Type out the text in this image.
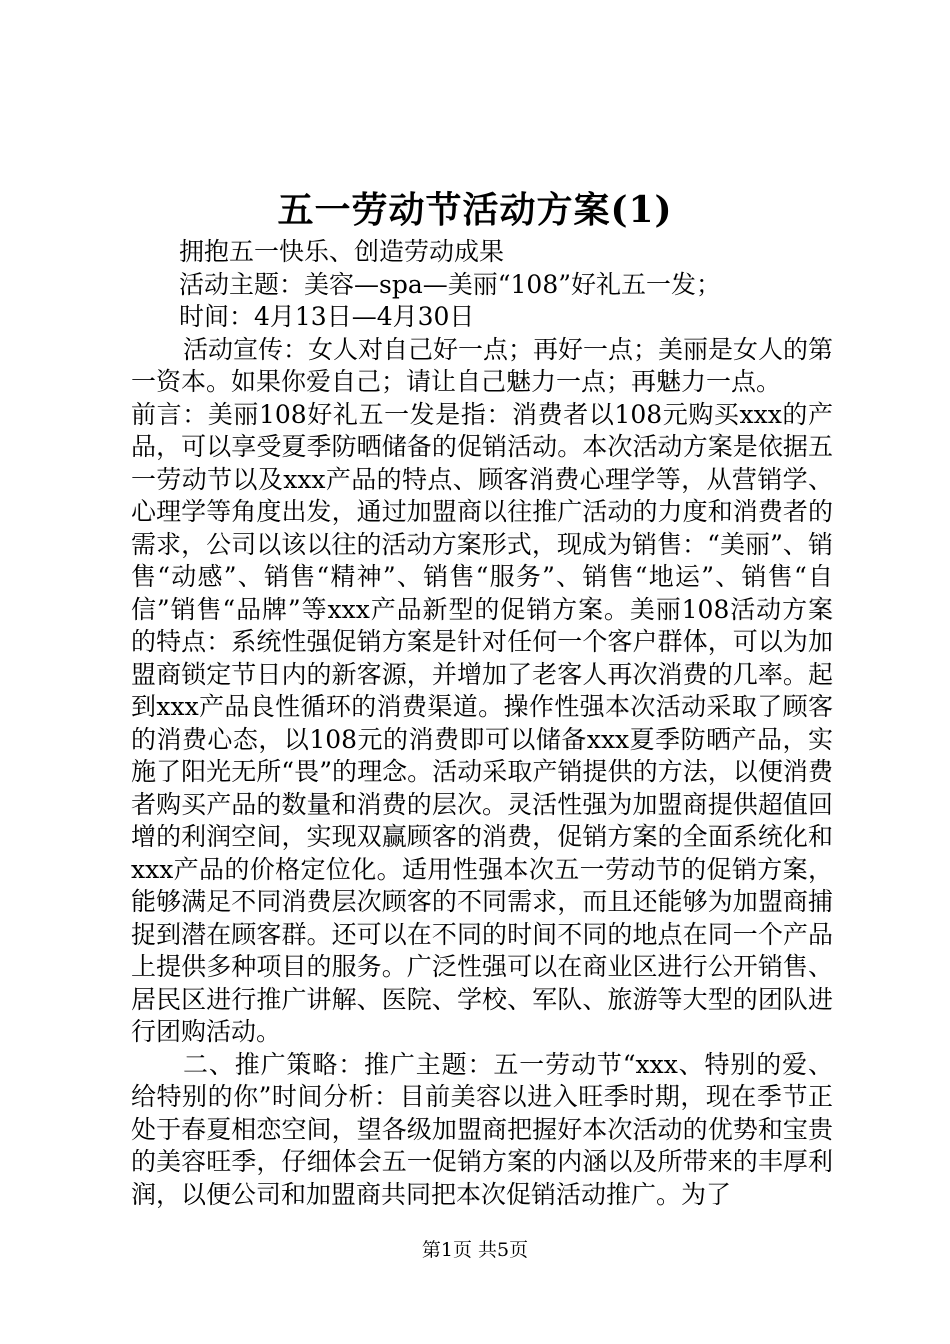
五一劳动节活动方案(1)

拥抱五一快乐、创造劳动成果

活动主题：美容—spa—美丽“108”好礼五一发；

时间：4月13日—4月30日

活动宣传：女人对自己好一点；再好一点；美丽是女人的第一资本。如果你爱自己；请让自己魅力一点；再魅力一点。

前言：美丽108好礼五一发是指：消费者以108元购买xxx的产品，可以享受夏季防晒储备的促销活动。本次活动方案是依据五一劳动节以及xxx产品的特点、顾客消费心理学等，从营销学、心理学等角度出发，通过加盟商以往推广活动的力度和消费者的需求，公司以该以往的活动方案形式，现成为销售：“美丽”、销售“动感”、销售“精神”、销售“服务”、销售“地运”、销售“自信”销售“品牌”等xxx产品新型的促销方案。美丽108活动方案的特点：系统性强促销方案是针对任何一个客户群体，可以为加盟商锁定节日内的新客源，并增加了老客人再次消费的几率。起到xxx产品良性循环的消费渠道。操作性强本次活动采取了顾客的消费心态，以108元的消费即可以储备xxx夏季防晒产品，实施了阳光无所“畏”的理念。活动采取产销提供的方法，以便消费者购买产品的数量和消费的层次。灵活性强为加盟商提供超值回增的利润空间，实现双赢顾客的消费，促销方案的全面系统化和xxx产品的价格定位化。适用性强本次五一劳动节的促销方案，能够满足不同消费层次顾客的不同需求，而且还能够为加盟商捕捉到潜在顾客群。还可以在不同的时间不同的地点在同一个产品上提供多种项目的服务。广泛性强可以在商业区进行公开销售、居民区进行推广讲解、医院、学校、军队、旅游等大型的团队进行团购活动。

二、推广策略：推广主题：五一劳动节“xxx、特别的爱、给特别的你”时间分析：目前美容以进入旺季时期，现在季节正处于春夏相恋空间，望各级加盟商把握好本次活动的优势和宝贵的美容旺季，仔细体会五一促销方案的内涵以及所带来的丰厚利润，以便公司和加盟商共同把本次促销活动推广。为了

第1页 共5页
